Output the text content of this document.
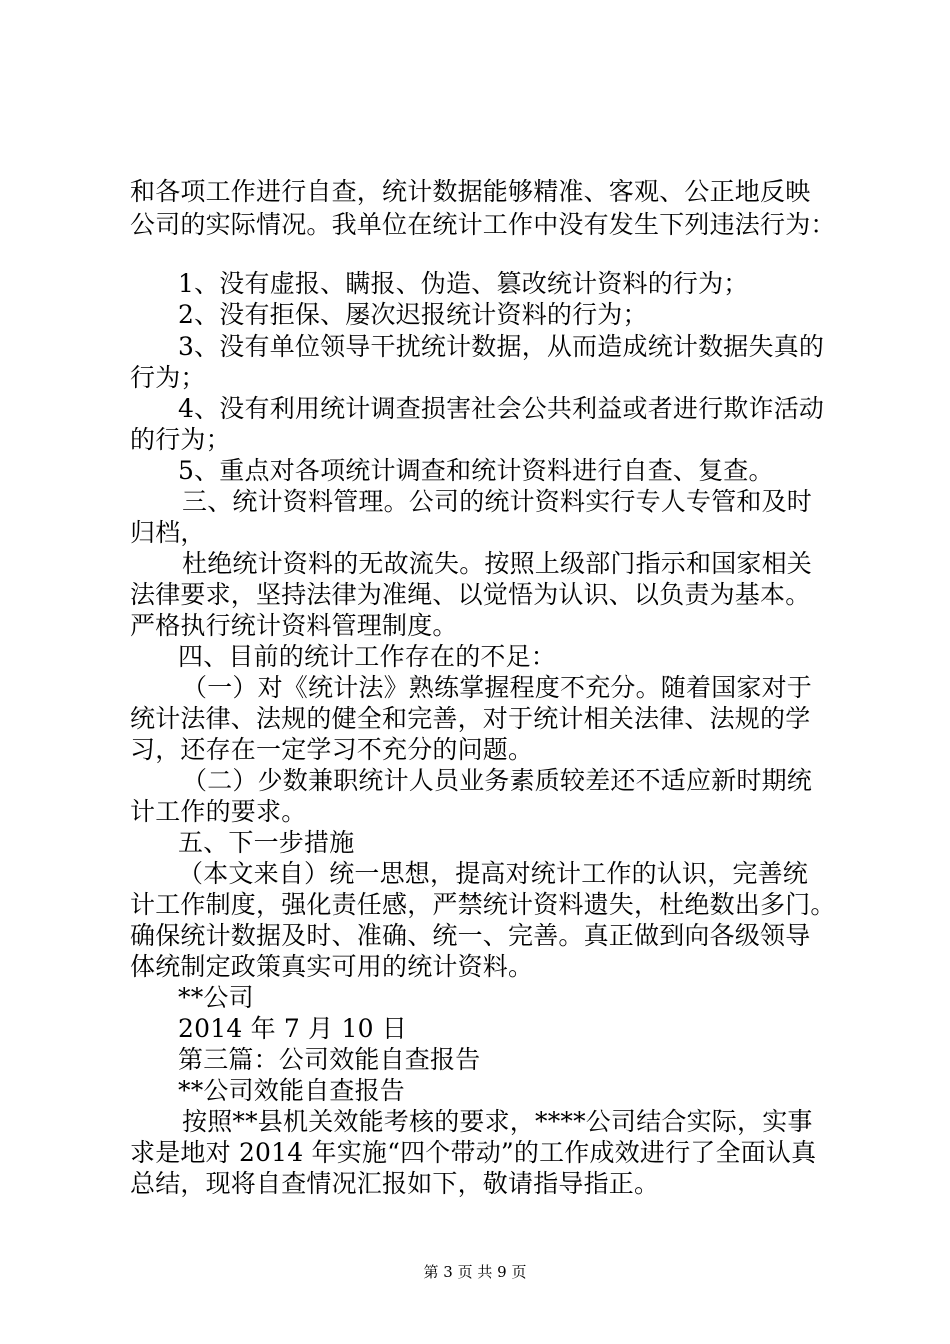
和各项工作进行自查，统计数据能够精准、客观、公正地反映
公司的实际情况。我单位在统计工作中没有发生下列违法行为：
1、没有虚报、瞒报、伪造、篡改统计资料的行为；
2、没有拒保、屡次迟报统计资料的行为；
3、没有单位领导干扰统计数据，从而造成统计数据失真的
行为；
4、没有利用统计调查损害社会公共利益或者进行欺诈活动
的行为；
5、重点对各项统计调查和统计资料进行自查、复查。
三、统计资料管理。公司的统计资料实行专人专管和及时
归档，
杜绝统计资料的无故流失。按照上级部门指示和国家相关
法律要求，坚持法律为准绳、以觉悟为认识、以负责为基本。
严格执行统计资料管理制度。
四、目前的统计工作存在的不足：
（一）对《统计法》熟练掌握程度不充分。随着国家对于
统计法律、法规的健全和完善，对于统计相关法律、法规的学
习，还存在一定学习不充分的问题。
（二）少数兼职统计人员业务素质较差还不适应新时期统
计工作的要求。
五、下一步措施
（本文来自）统一思想，提高对统计工作的认识，完善统
计工作制度，强化责任感，严禁统计资料遗失，杜绝数出多门。
确保统计数据及时、准确、统一、完善。真正做到向各级领导
体统制定政策真实可用的统计资料。
**公司
2014 年 7 月 10 日
第三篇：公司效能自查报告
**公司效能自查报告
按照**县机关效能考核的要求，****公司结合实际，实事
求是地对 2014 年实施“四个带动”的工作成效进行了全面认真
总结，现将自查情况汇报如下，敬请指导指正。
第 3 页 共 9 页
